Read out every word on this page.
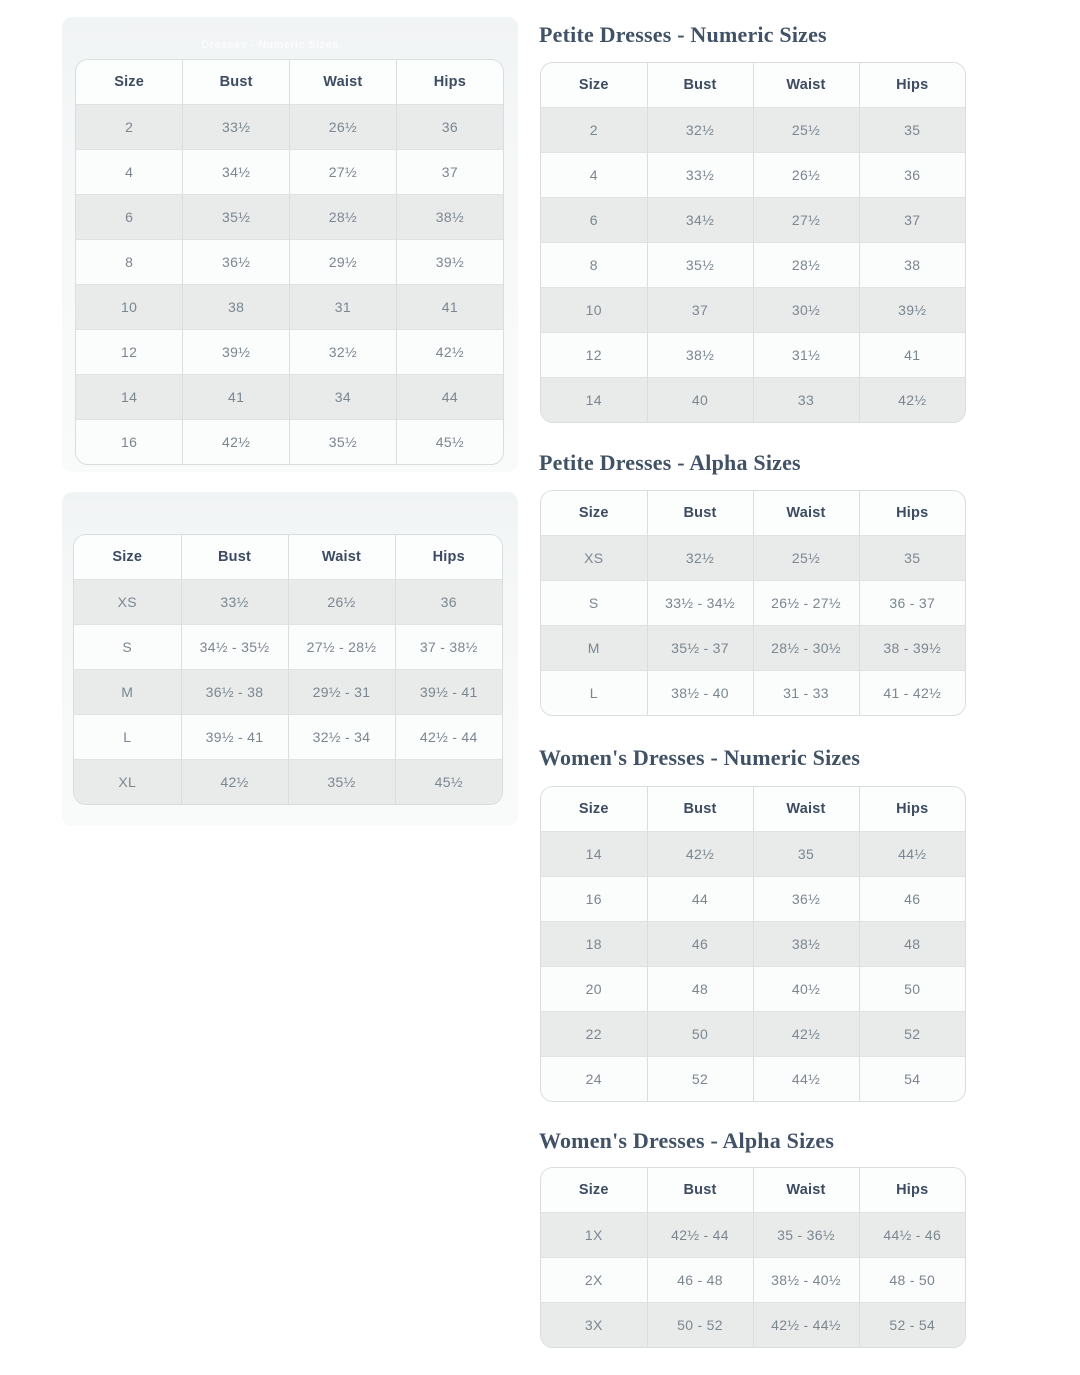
Dresses - Numeric Sizes
Size	Bust	Waist	Hips
2	33½	26½	36
4	34½	27½	37
6	35½	28½	38½
8	36½	29½	39½
10	38	31	41
12	39½	32½	42½
14	41	34	44
16	42½	35½	45½
Size	Bust	Waist	Hips
XS	33½	26½	36
S	34½ - 35½	27½ - 28½	37 - 38½
M	36½ - 38	29½ - 31	39½ - 41
L	39½ - 41	32½ - 34	42½ - 44
XL	42½	35½	45½
Petite Dresses - Numeric Sizes
Size	Bust	Waist	Hips
2	32½	25½	35
4	33½	26½	36
6	34½	27½	37
8	35½	28½	38
10	37	30½	39½
12	38½	31½	41
14	40	33	42½
Petite Dresses - Alpha Sizes
Size	Bust	Waist	Hips
XS	32½	25½	35
S	33½ - 34½	26½ - 27½	36 - 37
M	35½ - 37	28½ - 30½	38 - 39½
L	38½ - 40	31 - 33	41 - 42½
Women's Dresses - Numeric Sizes
Size	Bust	Waist	Hips
14	42½	35	44½
16	44	36½	46
18	46	38½	48
20	48	40½	50
22	50	42½	52
24	52	44½	54
Women's Dresses - Alpha Sizes
Size	Bust	Waist	Hips
1X	42½ - 44	35 - 36½	44½ - 46
2X	46 - 48	38½ - 40½	48 - 50
3X	50 - 52	42½ - 44½	52 - 54
